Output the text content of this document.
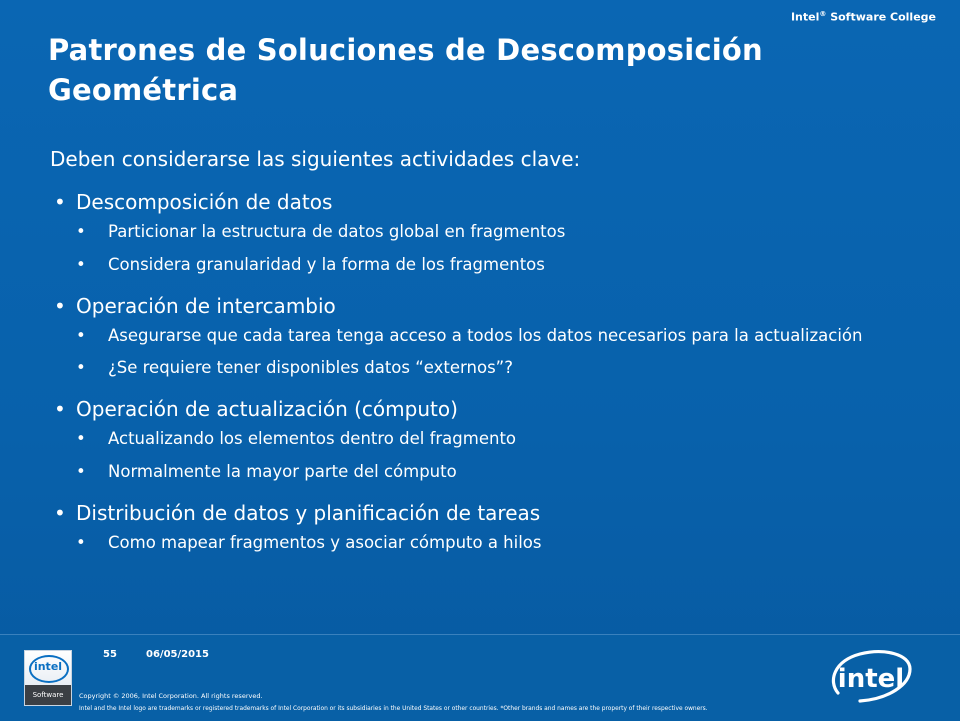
Intel® Software College
Patrones de Soluciones de Descomposición Geométrica

Deben considerarse las siguientes actividades clave:

• Descomposición de datos
• Particionar la estructura de datos global en fragmentos
• Considera granularidad y la forma de los fragmentos
• Operación de intercambio
• Asegurarse que cada tarea tenga acceso a todos los datos necesarios para la actualización
• ¿Se requiere tener disponibles datos “externos”?
• Operación de actualización (cómputo)
• Actualizando los elementos dentro del fragmento
• Normalmente la mayor parte del cómputo
• Distribución de datos y planificación de tareas
• Como mapear fragmentos y asociar cómputo a hilos
intel
Software
55	06/05/2015
Copyright © 2006, Intel Corporation. All rights reserved.
Intel and the Intel logo are trademarks or registered trademarks of Intel Corporation or its subsidiaries in the United States or other countries. *Other brands and names are the property of their respective owners.
intel
